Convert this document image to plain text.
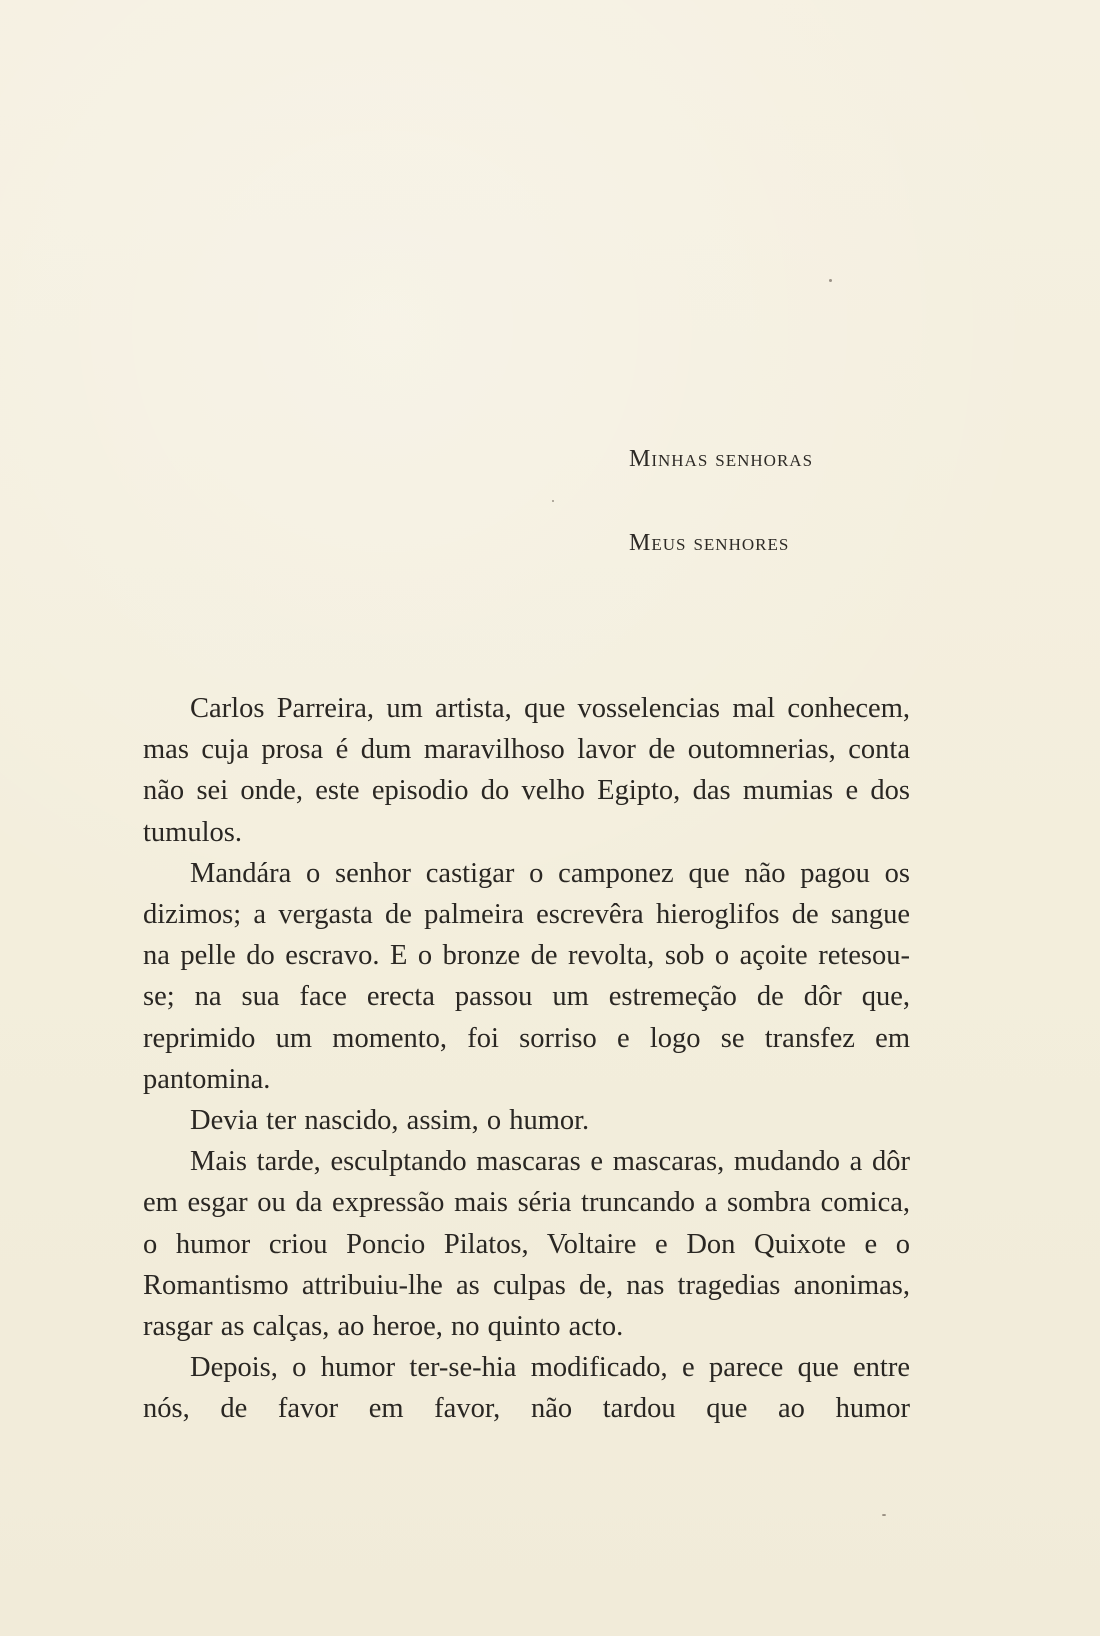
Minhas senhoras
Meus senhores

Carlos Parreira, um artista, que vosselencias mal conhecem, mas cuja prosa é dum maravilhoso lavor de outomnerias, conta não sei onde, este episodio do velho Egipto, das mumias e dos tumulos.

Mandára o senhor castigar o camponez que não pagou os dizimos; a vergasta de palmeira escrevêra hieroglifos de sangue na pelle do escravo. E o bronze de revolta, sob o açoite retesou-se; na sua face erecta passou um estremeção de dôr que, reprimido um momento, foi sorriso e logo se transfez em pantomina.

Devia ter nascido, assim, o humor.

Mais tarde, esculptando mascaras e mascaras, mudando a dôr em esgar ou da expressão mais séria truncando a sombra comica, o humor criou Poncio Pilatos, Voltaire e Don Quixote e o Romantismo attribuiu-lhe as culpas de, nas tragedias anonimas, rasgar as calças, ao heroe, no quinto acto.

Depois, o humor ter-se-hia modificado, e parece que entre nós, de favor em favor, não tardou que ao humor
